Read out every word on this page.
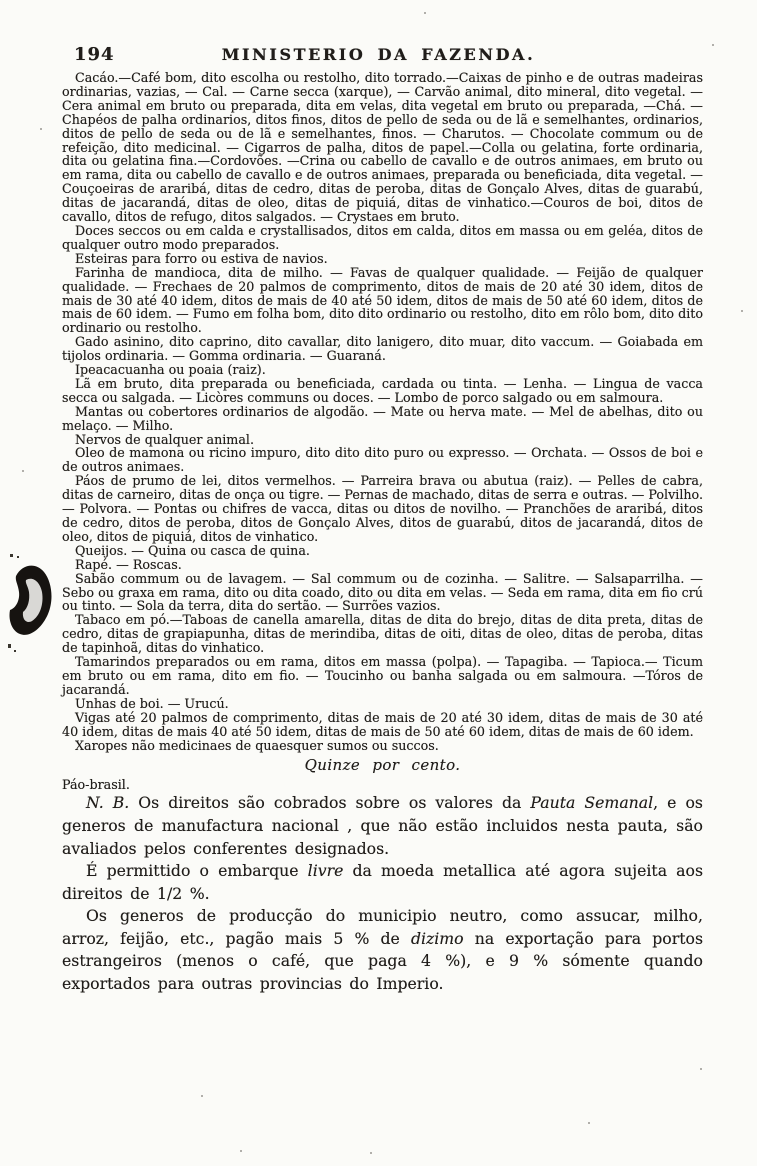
194	MINISTERIO DA FAZENDA.

Cacáo.—Café bom, dito escolha ou restolho, dito torrado.—Caixas de pinho e de outras madeiras ordinarias, vazias, — Cal. — Carne secca (xarque), — Carvão animal, dito mineral, dito vegetal. — Cera animal em bruto ou preparada, dita em velas, dita vegetal em bruto ou preparada, —Chá. — Chapéos de palha ordinarios, ditos finos, ditos de pello de seda ou de lã e semelhantes, ordinarios, ditos de pello de seda ou de lã e semelhantes, finos. — Charutos. — Chocolate commum ou de refeição, dito medicinal. — Cigarros de palha, ditos de papel.—Colla ou gelatina, forte ordinaria, dita ou gelatina fina.—Cordovões. —Crina ou cabello de cavallo e de outros animaes, em bruto ou em rama, dita ou cabello de cavallo e de outros animaes, preparada ou beneficiada, dita vegetal. — Couçoeiras de araribá, ditas de cedro, ditas de peroba, ditas de Gonçalo Alves, ditas de guarabú, ditas de jacarandá, ditas de oleo, ditas de piquiá, ditas de vinhatico.—Couros de boi, ditos de cavallo, ditos de refugo, ditos salgados. — Crystaes em bruto.

Doces seccos ou em calda e crystallisados, ditos em calda, ditos em massa ou em geléa, ditos de qualquer outro modo preparados.

Esteiras para forro ou estiva de navios.

Farinha de mandioca, dita de milho. — Favas de qualquer qualidade. — Feijão de qualquer qualidade. — Frechaes de 20 palmos de comprimento, ditos de mais de 20 até 30 idem, ditos de mais de 30 até 40 idem, ditos de mais de 40 até 50 idem, ditos de mais de 50 até 60 idem, ditos de mais de 60 idem. — Fumo em folha bom, dito dito ordinario ou restolho, dito em rôlo bom, dito dito ordinario ou restolho.

Gado asinino, dito caprino, dito cavallar, dito lanigero, dito muar, dito vaccum. — Goiabada em tijolos ordinaria. — Gomma ordinaria. — Guaraná.

Ipeacacuanha ou poaia (raiz).

Lã em bruto, dita preparada ou beneficiada, cardada ou tinta. — Lenha. — Lingua de vacca secca ou salgada. — Licòres communs ou doces. — Lombo de porco salgado ou em salmoura.

Mantas ou cobertores ordinarios de algodão. — Mate ou herva mate. — Mel de abelhas, dito ou melaço. — Milho.

Nervos de qualquer animal.

Oleo de mamona ou ricino impuro, dito dito dito puro ou expresso. — Orchata. — Ossos de boi e de outros animaes.

Páos de prumo de lei, ditos vermelhos. — Parreira brava ou abutua (raiz). — Pelles de cabra, ditas de carneiro, ditas de onça ou tigre. — Pernas de machado, ditas de serra e outras. — Polvilho. — Polvora. — Pontas ou chifres de vacca, ditas ou ditos de novilho. — Pranchões de araribá, ditos de cedro, ditos de peroba, ditos de Gonçalo Alves, ditos de guarabú, ditos de jacarandá, ditos de oleo, ditos de piquiá, ditos de vinhatico.

Queijos. — Quina ou casca de quina.

Rapé. — Roscas.

Sabão commum ou de lavagem. — Sal commum ou de cozinha. — Salitre. — Salsaparrilha. — Sebo ou graxa em rama, dito ou dita coado, dito ou dita em velas. — Seda em rama, dita em fio crú ou tinto. — Sola da terra, dita do sertão. — Surrões vazios.

Tabaco em pó.—Taboas de canella amarella, ditas de dita do brejo, ditas de dita preta, ditas de cedro, ditas de grapiapunha, ditas de merindiba, ditas de oiti, ditas de oleo, ditas de peroba, ditas de tapinhoã, ditas do vinhatico.

Tamarindos preparados ou em rama, ditos em massa (polpa). — Tapagiba. — Tapioca.— Ticum em bruto ou em rama, dito em fio. — Toucinho ou banha salgada ou em salmoura. —Tóros de jacarandá.

Unhas de boi. — Urucú.

Vigas até 20 palmos de comprimento, ditas de mais de 20 até 30 idem, ditas de mais de 30 até 40 idem, ditas de mais 40 até 50 idem, ditas de mais de 50 até 60 idem, ditas de mais de 60 idem.

Xaropes não medicinaes de quaesquer sumos ou succos.

Quinze por cento.

Páo-brasil.

N. B. Os direitos são cobrados sobre os valores da Pauta Semanal, e os generos de manufactura nacional , que não estão incluidos nesta pauta, são avaliados pelos conferentes designados.

É permittido o embarque livre da moeda metallica até agora sujeita aos direitos de 1/2 %.

Os generos de producção do municipio neutro, como assucar, milho, arroz, feijão, etc., pagão mais 5 % de dizimo na exportação para portos estrangeiros (menos o café, que paga 4 %), e 9 % sómente quando exportados para outras provincias do Imperio.
